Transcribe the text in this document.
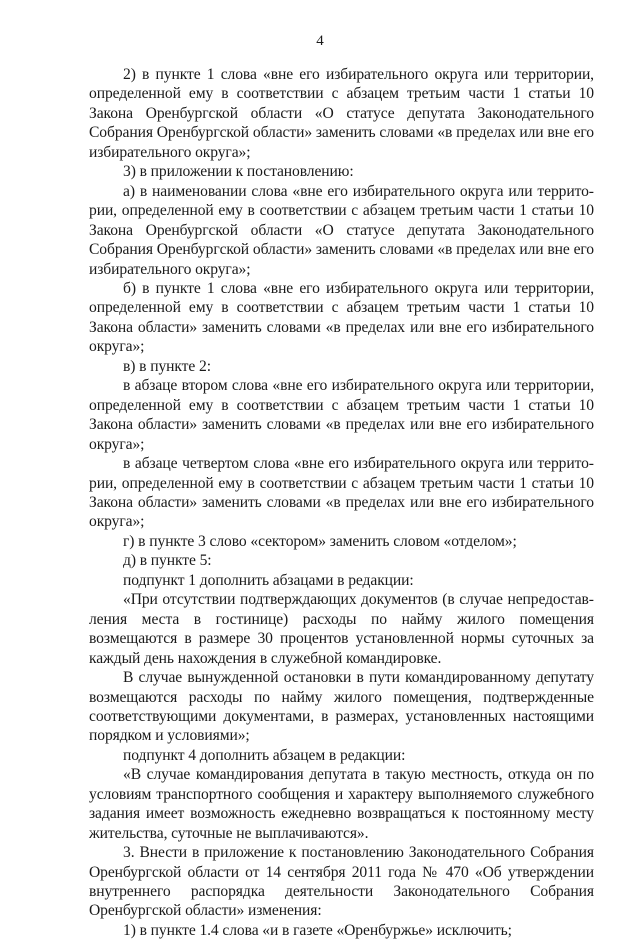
4

2) в пункте 1 слова «вне его избирательного округа или территории, определенной ему в соответствии с абзацем третьим части 1 статьи 10 Закона Оренбургской области «О статусе депутата Законодательного Собрания Оренбургской области» заменить словами «в пределах или вне его избирательного округа»;

3) в приложении к постановлению:

а) в наименовании слова «вне его избирательного округа или территории, определенной ему в соответствии с абзацем третьим части 1 статьи 10 Закона Оренбургской области «О статусе депутата Законодательного Собрания Оренбургской области» заменить словами «в пределах или вне его избирательного округа»;

б) в пункте 1 слова «вне его избирательного округа или территории, определенной ему в соответствии с абзацем третьим части 1 статьи 10 Закона области» заменить словами «в пределах или вне его избирательного округа»;

в) в пункте 2:

в абзаце втором слова «вне его избирательного округа или территории, определенной ему в соответствии с абзацем третьим части 1 статьи 10 Закона области» заменить словами «в пределах или вне его избирательного округа»;

в абзаце четвертом слова «вне его избирательного округа или территории, определенной ему в соответствии с абзацем третьим части 1 статьи 10 Закона области» заменить словами «в пределах или вне его избирательного округа»;

г) в пункте 3 слово «сектором» заменить словом «отделом»;

д) в пункте 5:

подпункт 1 дополнить абзацами в редакции:

«При отсутствии подтверждающих документов (в случае непредоставления места в гостинице) расходы по найму жилого помещения возмещаются в размере 30 процентов установленной нормы суточных за каждый день нахождения в служебной командировке.

В случае вынужденной остановки в пути командированному депутату возмещаются расходы по найму жилого помещения, подтвержденные соответствующими документами, в размерах, установленных настоящими порядком и условиями»;

подпункт 4 дополнить абзацем в редакции:

«В случае командирования депутата в такую местность, откуда он по условиям транспортного сообщения и характеру выполняемого служебного задания имеет возможность ежедневно возвращаться к постоянному месту жительства, суточные не выплачиваются».

3. Внести в приложение к постановлению Законодательного Собрания Оренбургской области от 14 сентября 2011 года № 470 «Об утверждении внутреннего распорядка деятельности Законодательного Собрания Оренбургской области» изменения:

1) в пункте 1.4 слова «и в газете «Оренбуржье» исключить;
